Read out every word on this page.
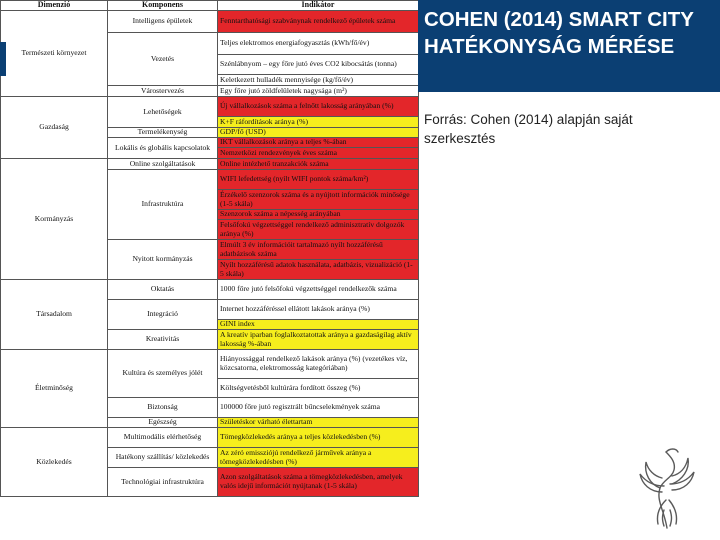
Dimenzió	Komponens	Indikátor
Természeti környezet	Intelligens épületek	Fenntarthatósági szabványnak rendelkező épületek száma
	Vezetés	Teljes elektromos energiafogyasztás (kWh/fő/év)
		Szénlábnyom – egy főre jutó éves CO2 kibocsátás (tonna)
		Keletkezett hulladék mennyisége (kg/fő/év)
	Várostervezés	Egy főre jutó zöldfelületek nagysága (m²)
Gazdaság	Lehetőségek	Új vállalkozások száma a felnőtt lakosság arányában (%)
		K+F ráfordítások aránya (%)
	Termelékenység	GDP/fő (USD)
	Lokális és globális kapcsolatok	IKT vállalkozások aránya a teljes %-ában
		Nemzetközi rendezvények éves száma
Kormányzás	Online szolgáltatások	Online intézhető tranzakciók száma
	Infrastruktúra	WIFI lefedettség (nyílt WIFI pontok száma/km²)
		Érzékelő szenzorok száma és a nyújtott információk minősége (1-5 skála)
		Szenzorok száma a népesség arányában
		Felsőfokú végzettséggel rendelkező adminisztratív dolgozók aránya (%)
	Nyitott kormányzás	Elmúlt 3 év információit tartalmazó nyílt hozzáférésű adatbázisok száma
		Nyílt hozzáférésű adatok használata, adatbázis, vizualizáció (1-5 skála)
Társadalom	Oktatás	1000 főre jutó felsőfokú végzettséggel rendelkezők száma
	Integráció	Internet hozzáféréssel ellátott lakások aránya (%)
		GINI index
	Kreativitás	A kreatív iparban foglalkoztatottak aránya a gazdaságilag aktív lakosság %-ában
Életminőség	Kultúra és személyes jólét	Hiányossággal rendelkező lakások aránya (%) (vezetékes víz, közcsatorna, elektromosság kategóriában)
		Költségvetésből kultúrára fordított összeg (%)
	Biztonság	100000 főre jutó regisztrált bűncselekmények száma
	Egészség	Születéskor várható élettartam
Közlekedés	Multimodális elérhetőség	Tömegközlekedés aránya a teljes közlekedésben (%)
	Hatékony szállítás/ közlekedés	Az zéró emissziójú rendelkező járművek aránya a tömegközlekedésben (%)
	Technológiai infrastruktúra	Azon szolgáltatások száma a tömegközlekedésben, amelyek valós idejű információt nyújtanak (1-5 skála)
COHEN (2014) SMART CITY HATÉKONYSÁG MÉRÉSE
Forrás: Cohen (2014) alapján saját szerkesztés
